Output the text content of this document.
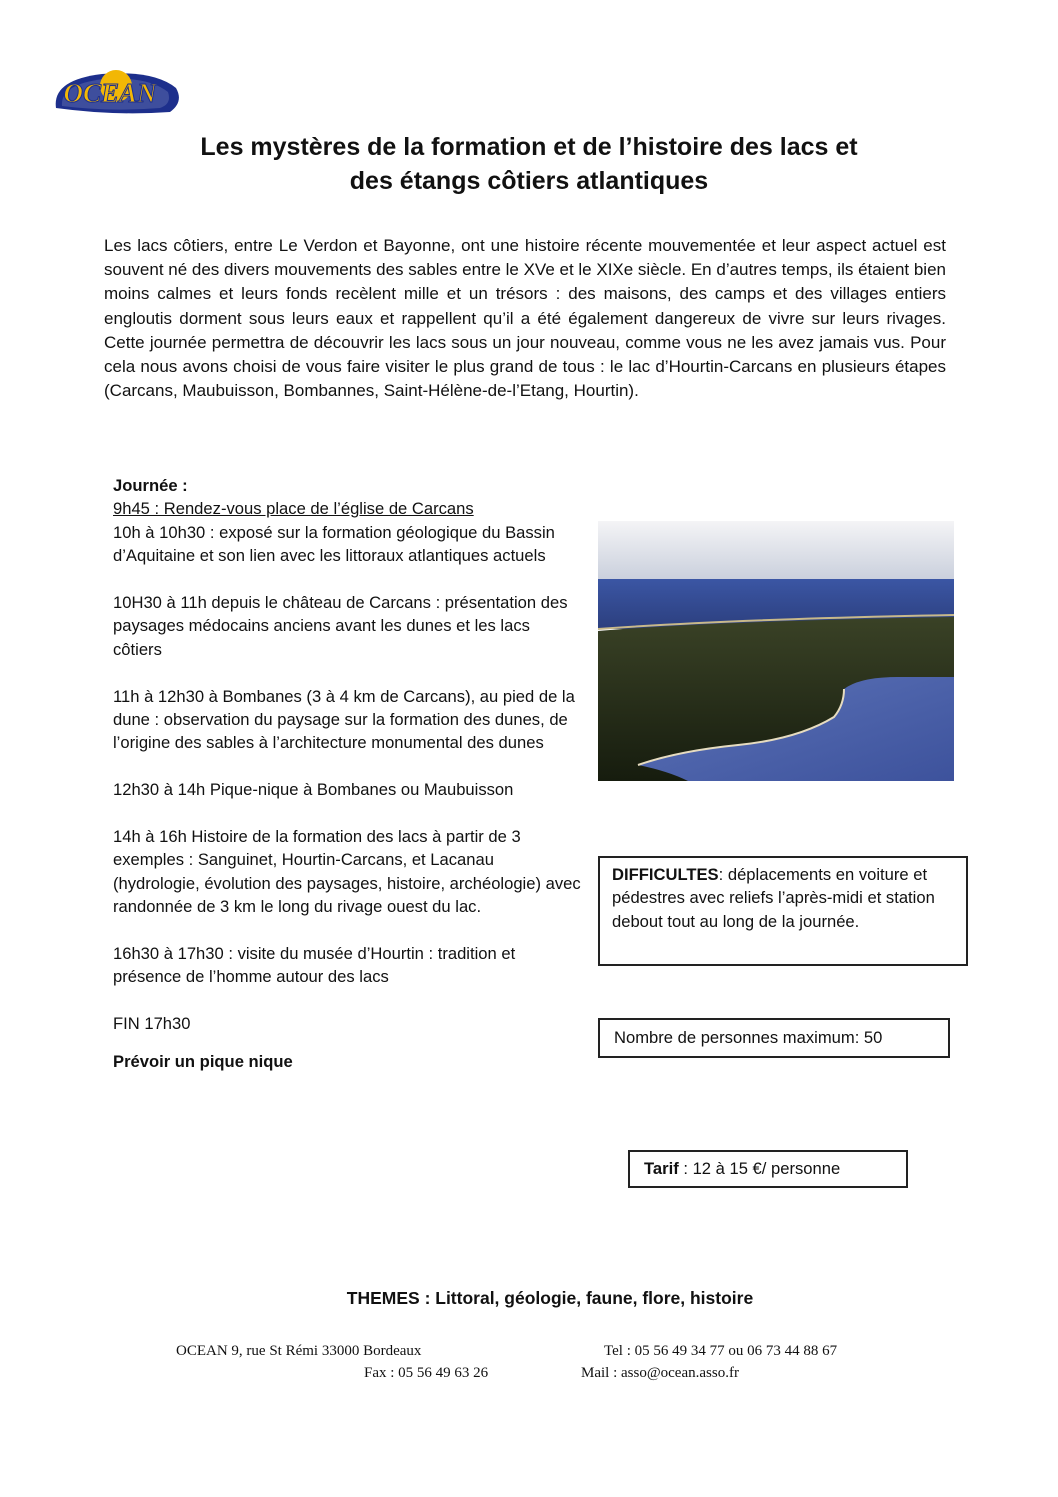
OCEAN
Les mystères de la formation et de l’histoire des lacs et
des étangs côtiers atlantiques
Les lacs côtiers, entre Le Verdon et Bayonne, ont une histoire récente mouvementée et leur aspect actuel est souvent né des divers mouvements des sables entre le XVe et le XIXe siècle. En d’autres temps, ils étaient bien moins calmes et leurs fonds recèlent mille et un trésors : des maisons, des camps et des villages entiers engloutis dorment sous leurs eaux et rappellent qu’il a été également dangereux de vivre sur leurs rivages. Cette journée permettra de découvrir les lacs sous un jour nouveau, comme vous ne les avez jamais vus. Pour cela nous avons choisi de vous faire visiter le plus grand de tous : le lac d’Hourtin-Carcans en plusieurs étapes (Carcans, Maubuisson, Bombannes, Saint-Hélène-de-l’Etang, Hourtin).
Journée :
9h45 : Rendez-vous place de l’église de Carcans

10h à 10h30 : exposé sur la formation géologique du Bassin d’Aquitaine et son lien avec les littoraux atlantiques actuels

10H30 à 11h depuis le château de Carcans : présentation des paysages médocains anciens avant les dunes et les lacs côtiers

11h à 12h30 à Bombanes (3 à 4 km de Carcans), au pied de la dune : observation du paysage sur la formation des dunes, de l’origine des sables à l’architecture monumental des dunes

12h30 à 14h Pique-nique à Bombanes ou Maubuisson

14h à 16h Histoire de la formation des lacs à partir de 3 exemples : Sanguinet, Hourtin-Carcans, et Lacanau (hydrologie, évolution des paysages, histoire, archéologie) avec randonnée de 3 km le long du rivage ouest du lac.

16h30 à 17h30 : visite du musée d’Hourtin : tradition et présence de l’homme autour des lacs

FIN 17h30

Prévoir un pique nique

DIFFICULTES: déplacements en voiture et pédestres avec reliefs l’après-midi et station debout tout au long de la journée.
Nombre de personnes maximum: 50
Tarif : 12 à 15 €/ personne
THEMES : Littoral, géologie, faune, flore, histoire
OCEAN 9, rue St Rémi 33000 Bordeaux	Tel : 05 56 49 34 77 ou 06 73 44 88 67
Fax : 05 56 49 63 26	Mail : asso@ocean.asso.fr
